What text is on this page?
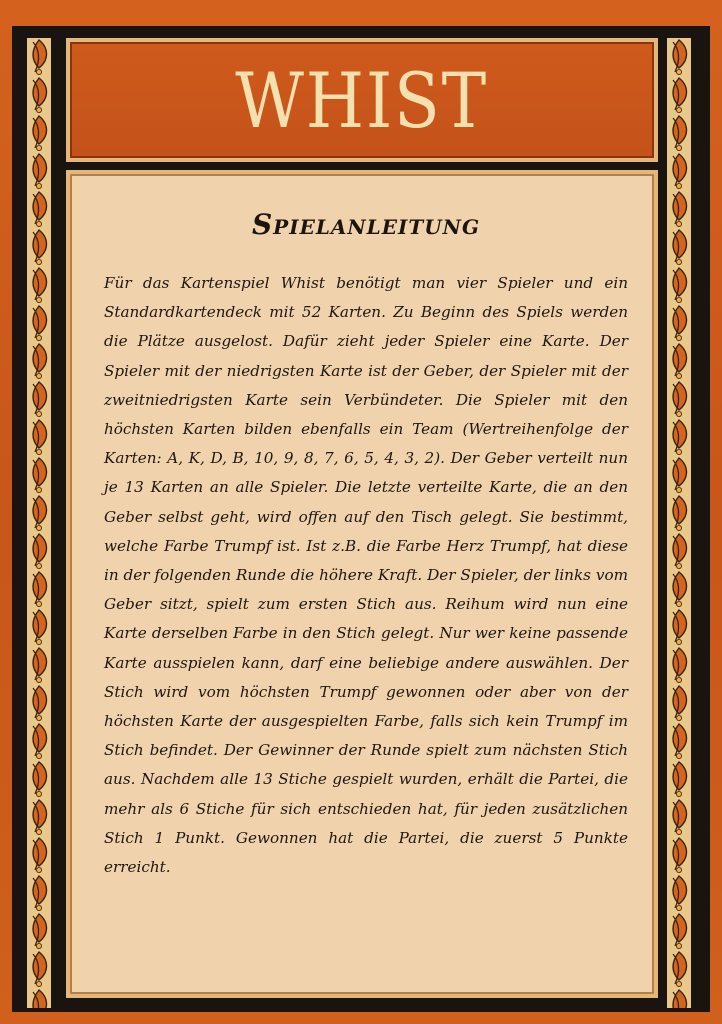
WHIST
Spielanleitung

Für das Kartenspiel Whist benötigt man vier Spieler und ein Standardkartendeck mit 52 Karten. Zu Beginn des Spiels werden die Plätze ausgelost. Dafür zieht jeder Spieler eine Karte. Der Spieler mit der niedrigsten Karte ist der Geber, der Spieler mit der zweitniedrigsten Karte sein Verbündeter. Die Spieler mit den höchsten Karten bilden ebenfalls ein Team (Wertreihenfolge der Karten: A, K, D, B, 10, 9, 8, 7, 6, 5, 4, 3, 2). Der Geber verteilt nun je 13 Karten an alle Spieler. Die letzte verteilte Karte, die an den Geber selbst geht, wird offen auf den Tisch gelegt. Sie bestimmt, welche Farbe Trumpf ist. Ist z.B. die Farbe Herz Trumpf, hat diese in der folgenden Runde die höhere Kraft. Der Spieler, der links vom Geber sitzt, spielt zum ersten Stich aus. Reihum wird nun eine Karte derselben Farbe in den Stich gelegt. Nur wer keine passende Karte ausspielen kann, darf eine beliebige andere auswählen. Der Stich wird vom höchsten Trumpf gewonnen oder aber von der höchsten Karte der ausgespielten Farbe, falls sich kein Trumpf im Stich befindet. Der Gewinner der Runde spielt zum nächsten Stich aus. Nachdem alle 13 Stiche gespielt wurden, erhält die Partei, die mehr als 6 Stiche für sich entschieden hat, für jeden zusätzlichen Stich 1 Punkt. Gewonnen hat die Partei, die zuerst 5 Punkte erreicht.
